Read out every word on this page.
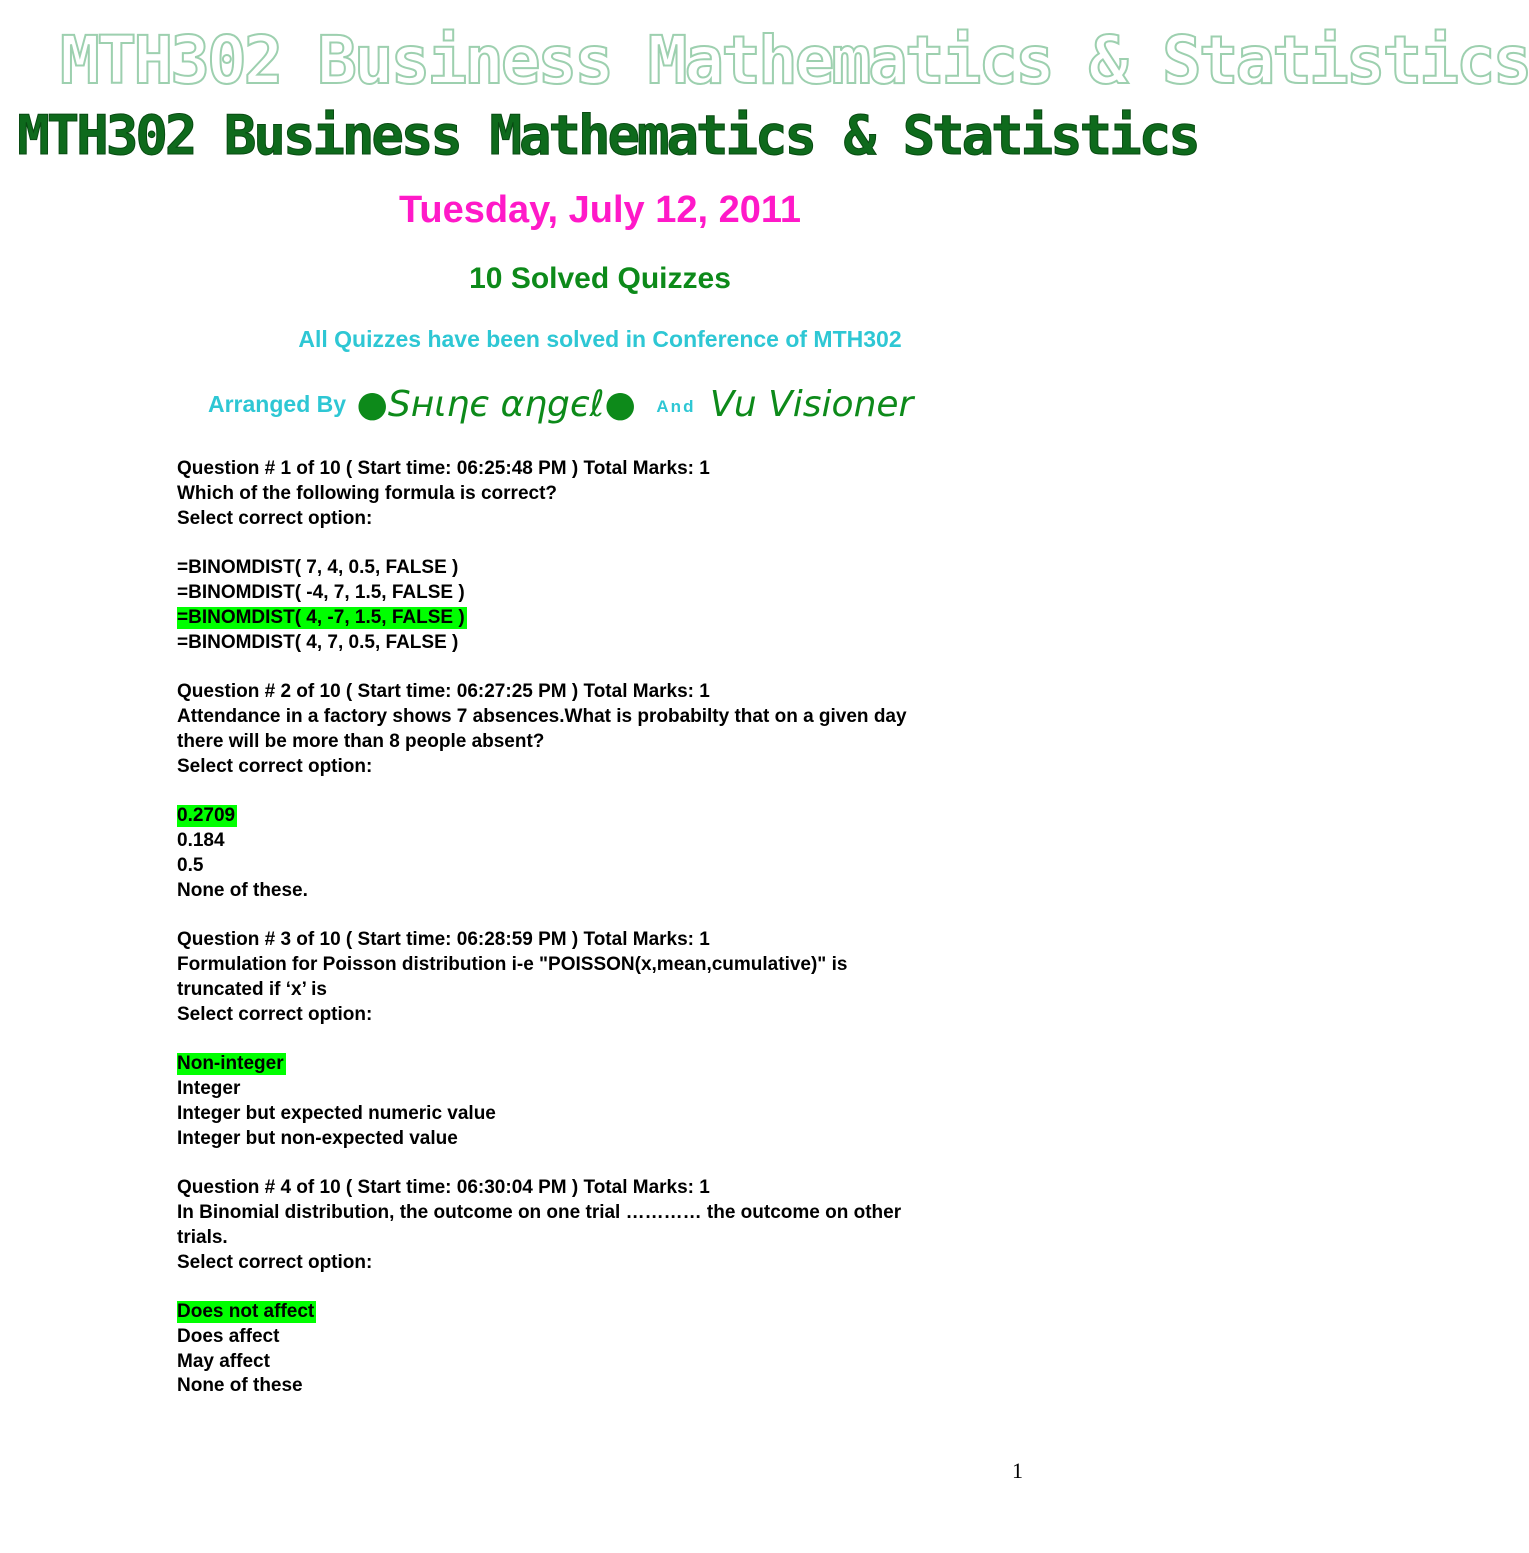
MTH302 Business Mathematics & Statistics
MTH302 Business Mathematics & Statistics
Tuesday, July 12, 2011
10 Solved Quizzes
All Quizzes have been solved in Conference of MTH302
Arranged By ●Sнιηє αηgєℓ● And Vu Visioner
Question # 1 of 10 ( Start time: 06:25:48 PM ) Total Marks: 1
Which of the following formula is correct?
Select correct option:
=BINOMDIST( 7, 4, 0.5, FALSE )
=BINOMDIST( -4, 7, 1.5, FALSE )
=BINOMDIST( 4, -7, 1.5, FALSE )
=BINOMDIST( 4, 7, 0.5, FALSE )
Question # 2 of 10 ( Start time: 06:27:25 PM ) Total Marks: 1
Attendance in a factory shows 7 absences.What is probabilty that on a given day
there will be more than 8 people absent?
Select correct option:
0.2709
0.184
0.5
None of these.
Question # 3 of 10 ( Start time: 06:28:59 PM ) Total Marks: 1
Formulation for Poisson distribution i-e "POISSON(x,mean,cumulative)" is
truncated if ‘x’ is
Select correct option:
Non-integer
Integer
Integer but expected numeric value
Integer but non-expected value
Question # 4 of 10 ( Start time: 06:30:04 PM ) Total Marks: 1
In Binomial distribution, the outcome on one trial ………… the outcome on other
trials.
Select correct option:
Does not affect
Does affect
May affect
None of these
1
